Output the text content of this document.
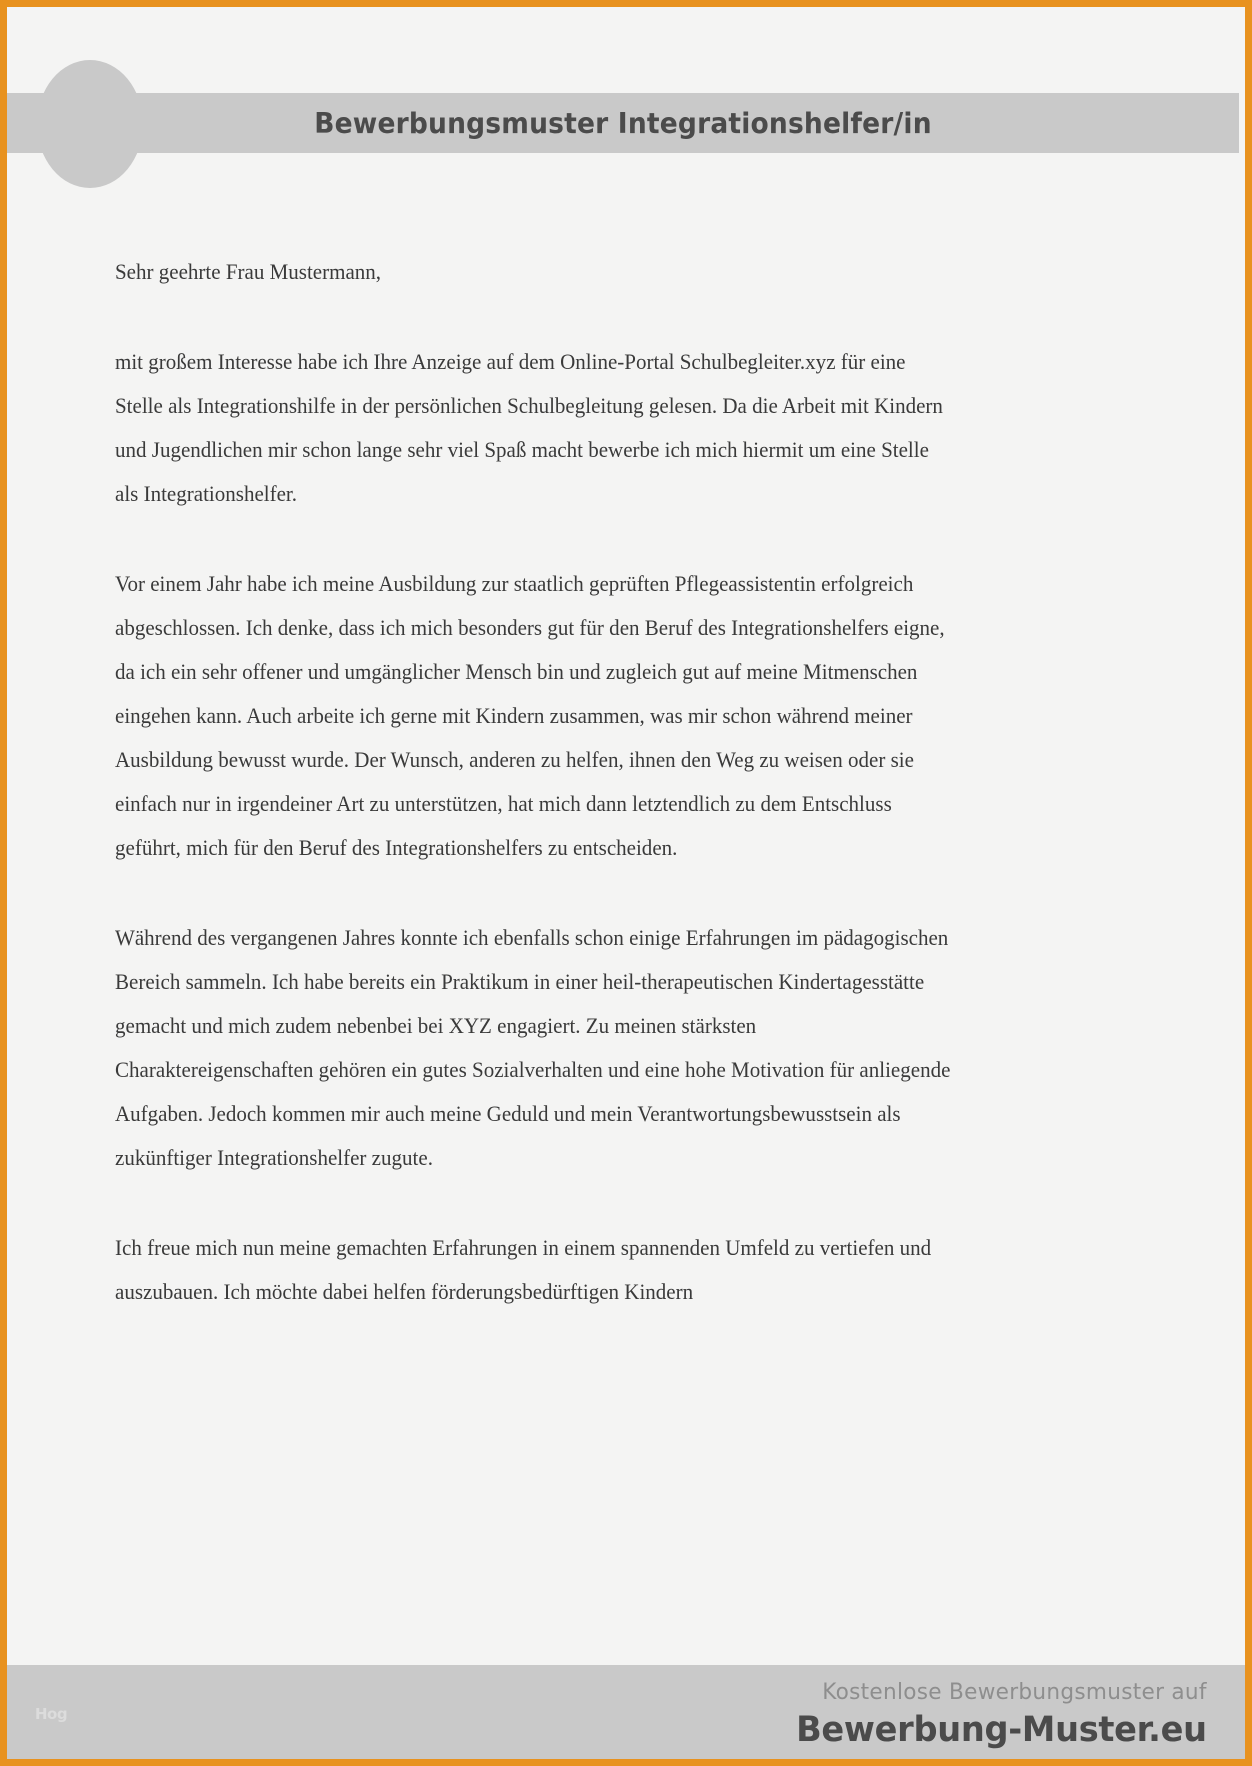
Bewerbungsmuster Integrationshelfer/in

Sehr geehrte Frau Mustermann,

mit großem Interesse habe ich Ihre Anzeige auf dem Online-Portal Schulbegleiter.xyz für eine Stelle als Integrationshilfe in der persönlichen Schulbegleitung gelesen. Da die Arbeit mit Kindern und Jugendlichen mir schon lange sehr viel Spaß macht bewerbe ich mich hiermit um eine Stelle als Integrationshelfer.

Vor einem Jahr habe ich meine Ausbildung zur staatlich geprüften Pflegeassistentin erfolgreich abgeschlossen. Ich denke, dass ich mich besonders gut für den Beruf des Integrationshelfers eigne, da ich ein sehr offener und umgänglicher Mensch bin und zugleich gut auf meine Mitmenschen eingehen kann. Auch arbeite ich gerne mit Kindern zusammen, was mir schon während meiner Ausbildung bewusst wurde. Der Wunsch, anderen zu helfen, ihnen den Weg zu weisen oder sie einfach nur in irgendeiner Art zu unterstützen, hat mich dann letztendlich zu dem Entschluss geführt, mich für den Beruf des Integrationshelfers zu entscheiden.

Während des vergangenen Jahres konnte ich ebenfalls schon einige Erfahrungen im pädagogischen Bereich sammeln. Ich habe bereits ein Praktikum in einer heil-therapeutischen Kindertagesstätte gemacht und mich zudem nebenbei bei XYZ engagiert. Zu meinen stärksten Charaktereigenschaften gehören ein gutes Sozialverhalten und eine hohe Motivation für anliegende Aufgaben. Jedoch kommen mir auch meine Geduld und mein Verantwortungsbewusstsein als zukünftiger Integrationshelfer zugute.

Ich freue mich nun meine gemachten Erfahrungen in einem spannenden Umfeld zu vertiefen und auszubauen. Ich möchte dabei helfen förderungsbedürftigen Kindern

Hog
Kostenlose Bewerbungsmuster auf
Bewerbung-Muster.eu
